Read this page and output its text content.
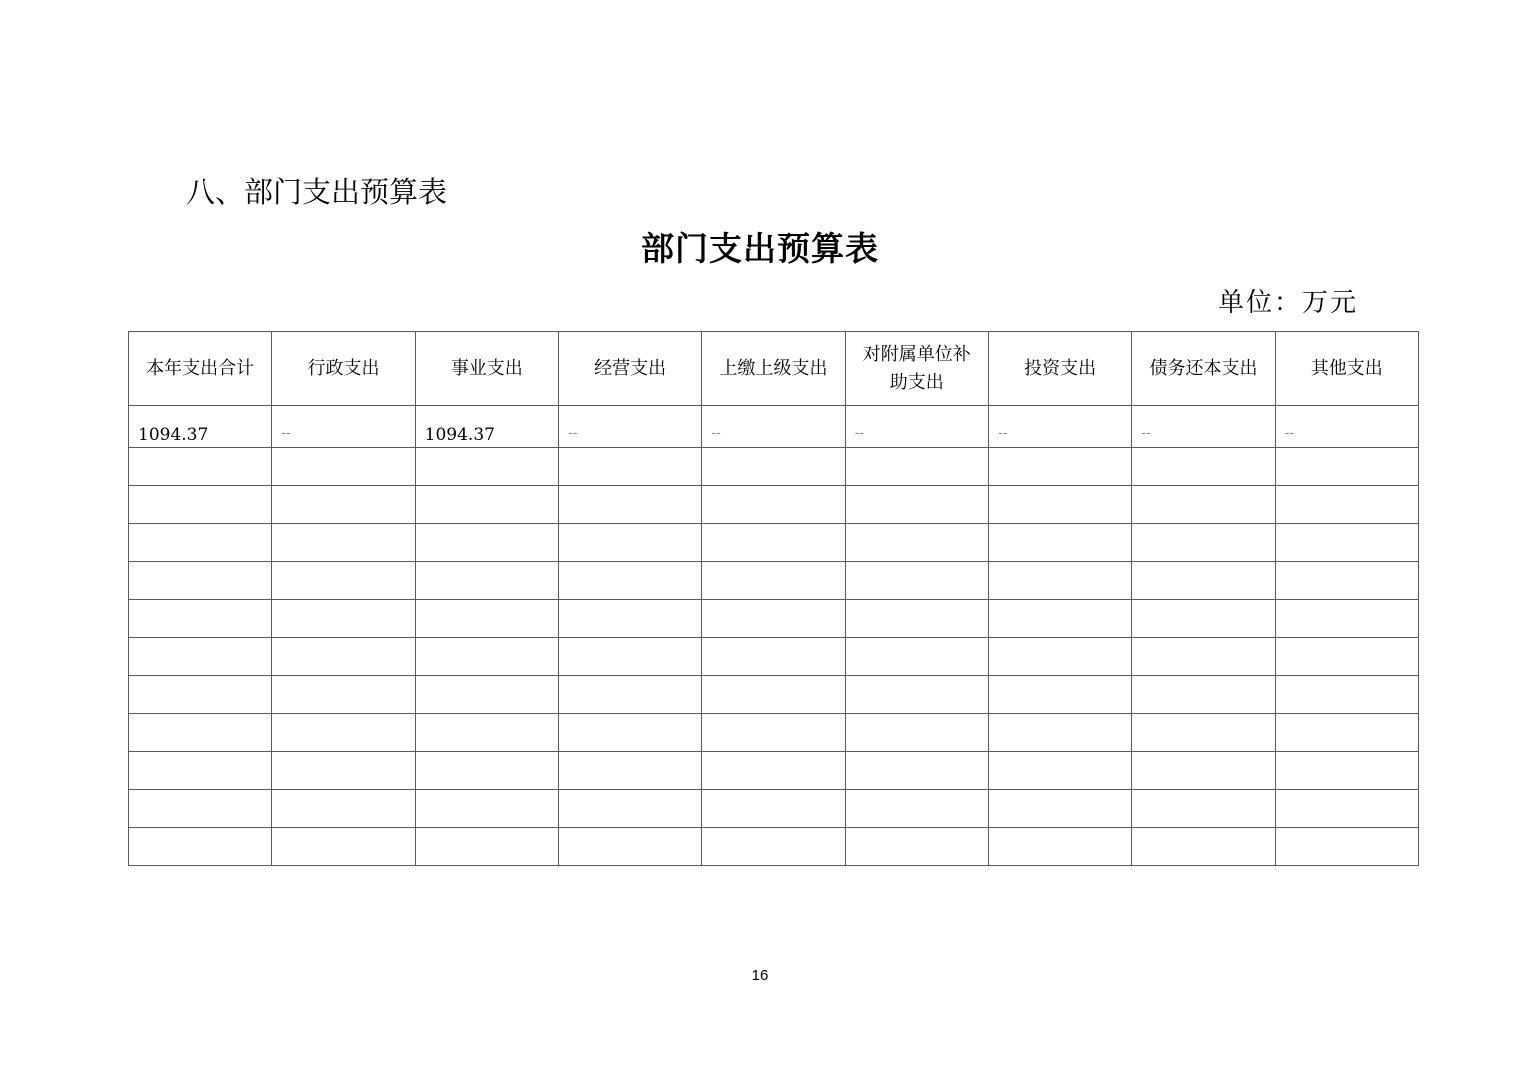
八、部门支出预算表
部门支出预算表
单位：万元
本年支出合计	行政支出	事业支出	经营支出	上缴上级支出	对附属单位补助支出	投资支出	债务还本支出	其他支出
1094.37	--	1094.37	--	--	--	--	--	--

16
